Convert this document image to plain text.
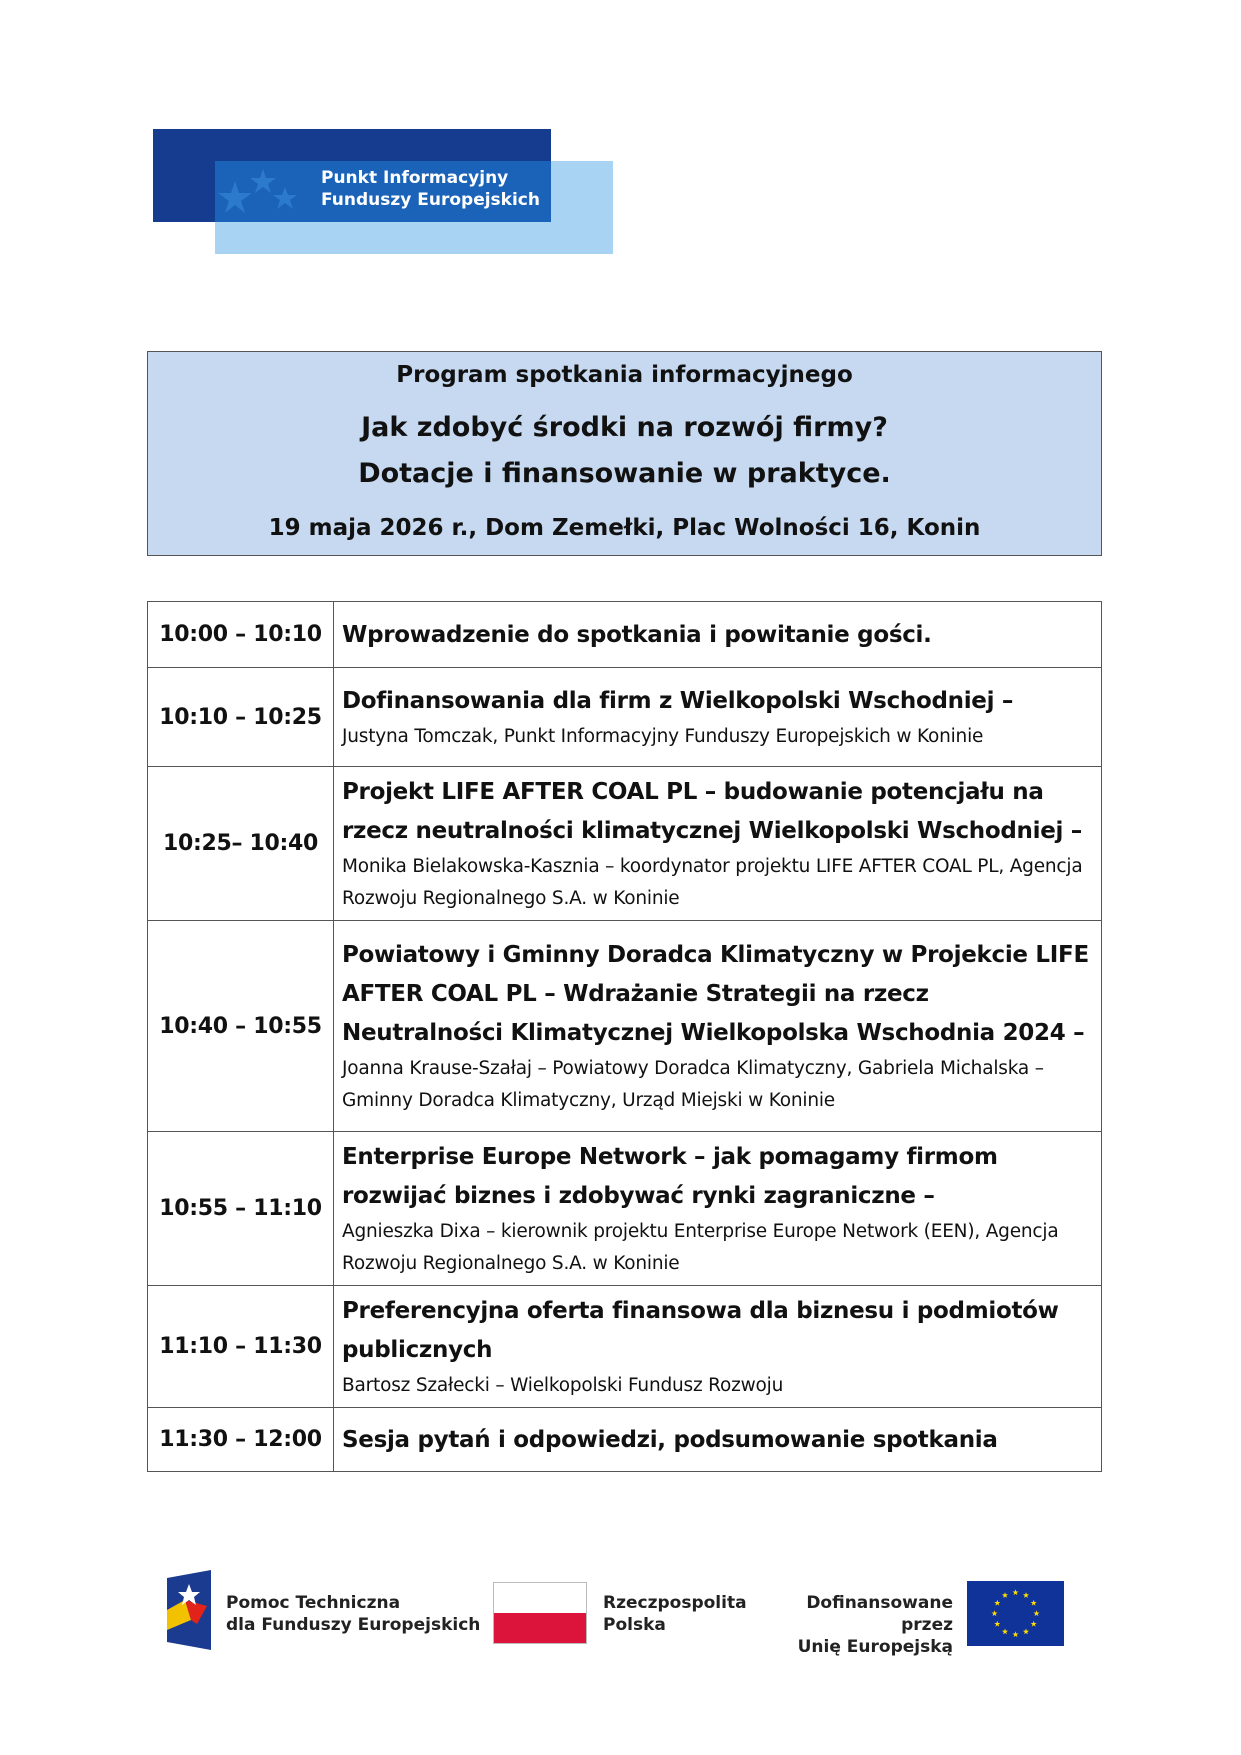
Punkt Informacyjny
Funduszy Europejskich
Program spotkania informacyjnego
Jak zdobyć środki na rozwój firmy?
Dotacje i finansowanie w praktyce.
19 maja 2026 r., Dom Zemełki, Plac Wolności 16, Konin
10:00 – 10:10	Wprowadzenie do spotkania i powitanie gości.

10:10 – 10:25	Dofinansowania dla firm z Wielkopolski Wschodniej –
Justyna Tomczak, Punkt Informacyjny Funduszy Europejskich w Koninie

10:25– 10:40	Projekt LIFE AFTER COAL PL – budowanie potencjału na rzecz neutralności klimatycznej Wielkopolski Wschodniej –
Monika Bielakowska-Kasznia – koordynator projektu LIFE AFTER COAL PL, Agencja Rozwoju Regionalnego S.A. w Koninie

10:40 – 10:55	Powiatowy i Gminny Doradca Klimatyczny w Projekcie LIFE AFTER COAL PL – Wdrażanie Strategii na rzecz Neutralności Klimatycznej Wielkopolska Wschodnia 2024 –
Joanna Krause-Szałaj – Powiatowy Doradca Klimatyczny, Gabriela Michalska – Gminny Doradca Klimatyczny, Urząd Miejski w Koninie

10:55 – 11:10	Enterprise Europe Network – jak pomagamy firmom rozwijać biznes i zdobywać rynki zagraniczne –
Agnieszka Dixa – kierownik projektu Enterprise Europe Network (EEN), Agencja Rozwoju Regionalnego S.A. w Koninie

11:10 – 11:30	Preferencyjna oferta finansowa dla biznesu i podmiotów publicznych
Bartosz Szałecki – Wielkopolski Fundusz Rozwoju

11:30 – 12:00	Sesja pytań i odpowiedzi, podsumowanie spotkania
Pomoc Techniczna
dla Funduszy Europejskich
Rzeczpospolita
Polska
Dofinansowane przez
Unię Europejską
